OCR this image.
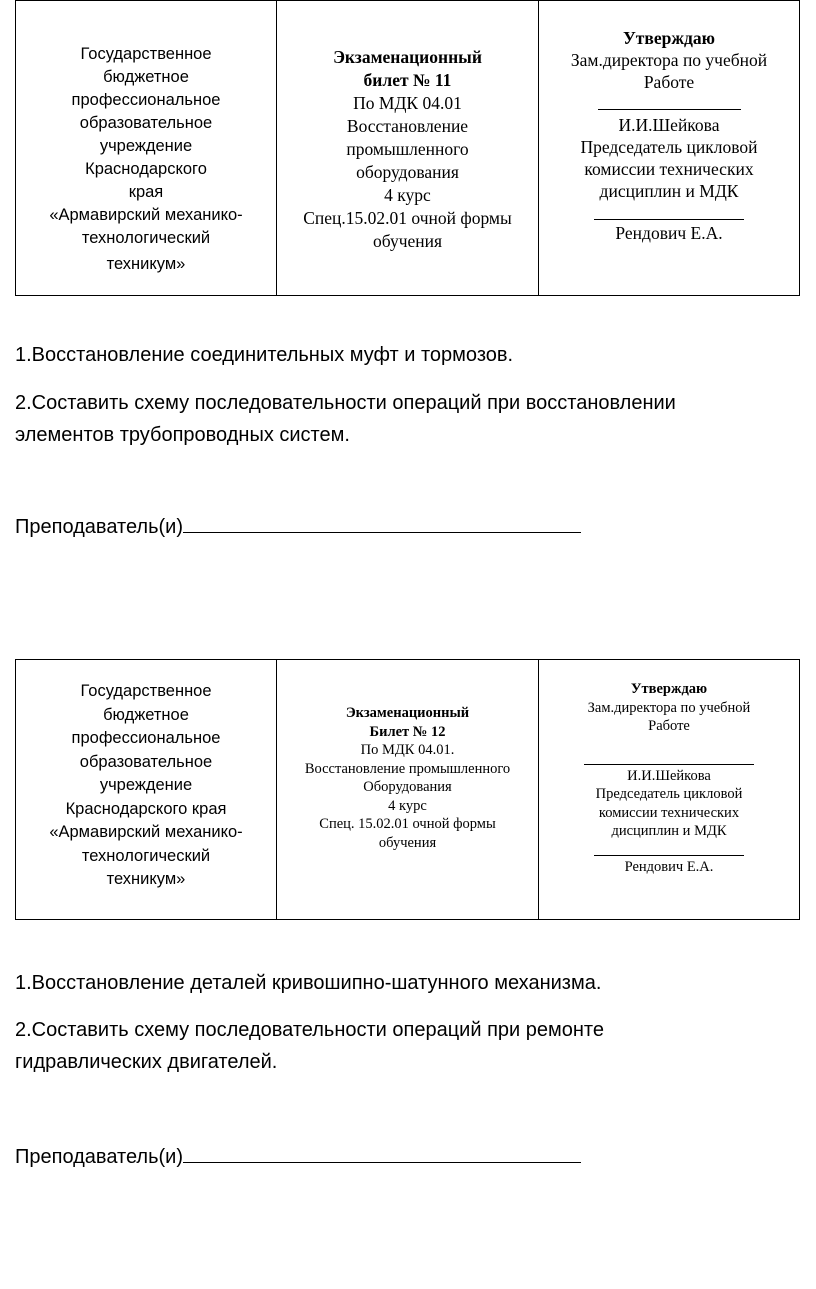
Государственное
бюджетное
профессиональное
образовательное
учреждение
Краснодарского
края
«Армавирский механико-
технологический
техникум»

Экзаменационный
билет № 11
По МДК 04.01
Восстановление
промышленного
оборудования
4 курс
Спец.15.02.01 очной формы
обучения

Утверждаю
Зам.директора по учебной
Работе
И.И.Шейкова
Председатель цикловой
комиссии технических
дисциплин и МДК
Рендович Е.А.

1.Восстановление соединительных муфт и тормозов.

2.Составить схему последовательности операций при восстановлении
элементов трубопроводных систем.

Преподаватель(и)

Государственное
бюджетное
профессиональное
образовательное
учреждение
Краснодарского края
«Армавирский механико-
технологический
техникум»

Экзаменационный
Билет № 12
По МДК 04.01.
Восстановление промышленного
Оборудования
4 курс
Спец. 15.02.01 очной формы
обучения

Утверждаю
Зам.директора по учебной
Работе
И.И.Шейкова
Председатель цикловой
комиссии технических
дисциплин и МДК
Рендович Е.А.

1.Восстановление деталей кривошипно-шатунного механизма.

2.Составить схему последовательности операций при ремонте
гидравлических двигателей.

Преподаватель(и)
